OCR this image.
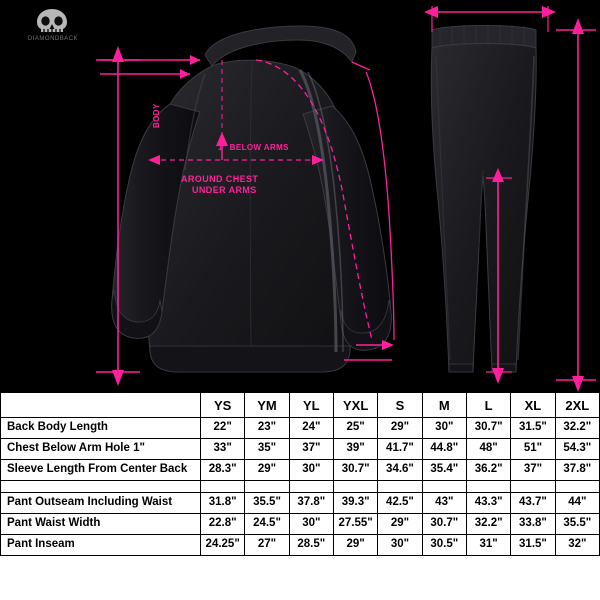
DIAMONDBACK
BODY
1" BELOW ARMS
AROUND CHEST
UNDER ARMS
	YS	YM	YL	YXL	S	M	L	XL	2XL
Back Body Length	22"	23"	24"	25"	29"	30"	30.7"	31.5"	32.2"
Chest Below Arm Hole 1"	33"	35"	37"	39"	41.7"	44.8"	48"	51"	54.3"
Sleeve Length From Center Back	28.3"	29"	30"	30.7"	34.6"	35.4"	36.2"	37"	37.8"

Pant Outseam Including Waist	31.8"	35.5"	37.8"	39.3"	42.5"	43"	43.3"	43.7"	44"
Pant Waist Width	22.8"	24.5"	30"	27.55"	29"	30.7"	32.2"	33.8"	35.5"
Pant Inseam	24.25"	27"	28.5"	29"	30"	30.5"	31"	31.5"	32"
